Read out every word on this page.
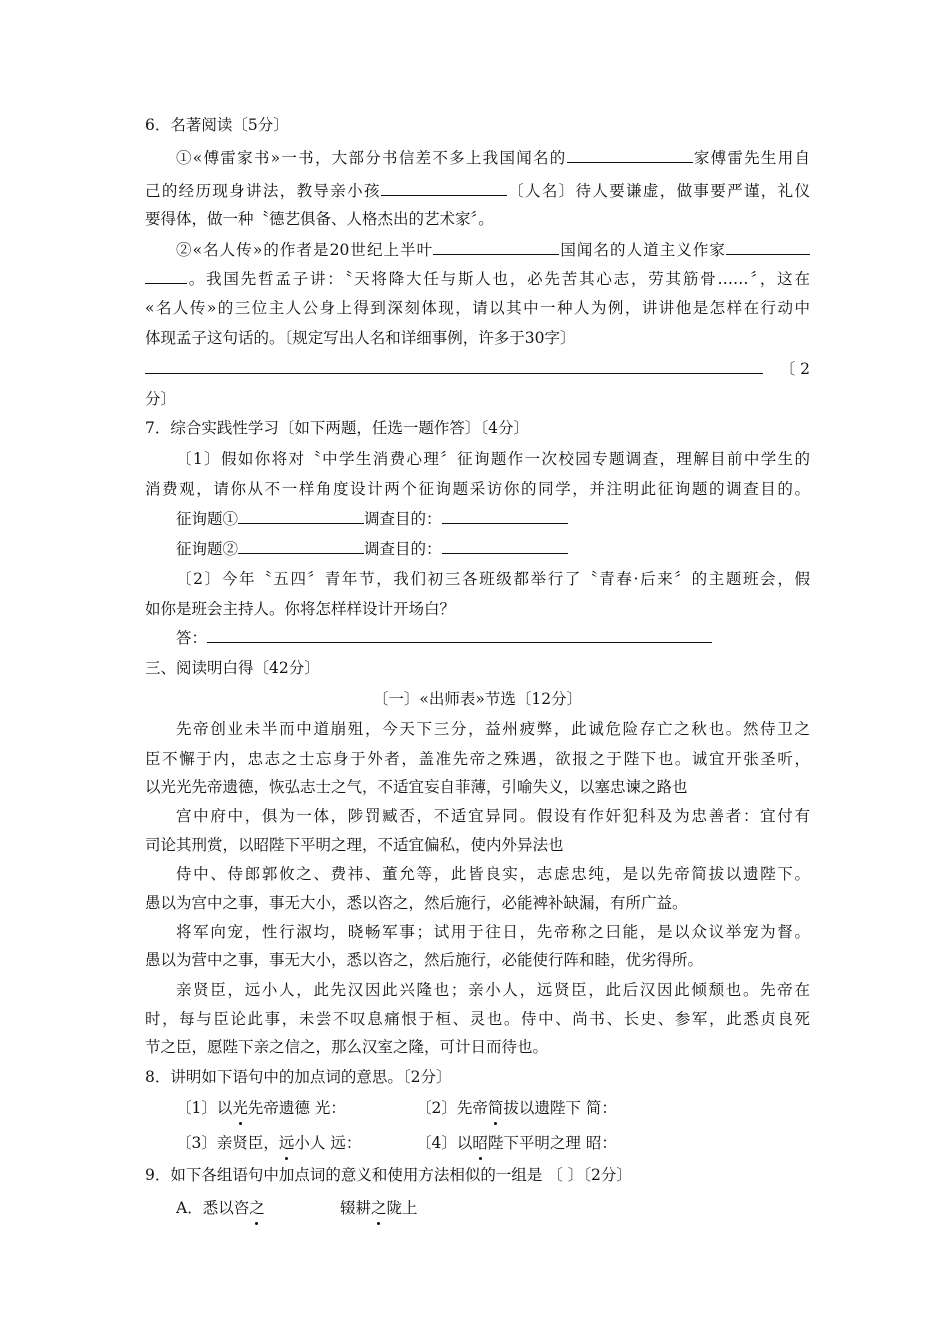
6．名著阅读〔5分〕
①«傅雷家书»一书，大部分书信差不多上我国闻名的	家傅雷先生用自
己的经历现身讲法，教导亲小孩	〔人名〕待人要谦虚，做事要严谨，礼仪
要得体，做一种〝德艺俱备、人格杰出的艺术家〞。
②«名人传»的作者是20世纪上半叶	国闻名的人道主义作家
。我国先哲孟子讲：〝天将降大任与斯人也，必先苦其心志，劳其筋骨……〞，这在
«名人传»的三位主人公身上得到深刻体现，请以其中一种人为例，讲讲他是怎样在行动中
体现孟子这句话的。〔规定写出人名和详细事例，许多于30字〕
〔 2
分〕
7．综合实践性学习〔如下两题，任选一题作答〕〔4分〕
〔1〕假如你将对〝中学生消费心理〞征询题作一次校园专题调查，理解目前中学生的
消费观，请你从不一样角度设计两个征询题采访你的同学，并注明此征询题的调查目的。
征询题①	调查目的：
征询题②	调查目的：
〔2〕今年〝五四〞青年节，我们初三各班级都举行了〝青春·后来〞的主题班会，假
如你是班会主持人。你将怎样样设计开场白？
答：
三、阅读明白得〔42分〕
〔一〕«出师表»节选〔12分〕
先帝创业未半而中道崩殂，今天下三分，益州疲弊，此诚危险存亡之秋也。然侍卫之
臣不懈于内，忠志之士忘身于外者，盖准先帝之殊遇，欲报之于陛下也。诚宜开张圣听，
以光光先帝遗德，恢弘志士之气，不适宜妄自菲薄，引喻失义，以塞忠谏之路也
宫中府中，俱为一体，陟罚臧否，不适宜异同。假设有作奸犯科及为忠善者：宜付有
司论其刑赏，以昭陛下平明之理，不适宜偏私，使内外异法也
侍中、侍郎郭攸之、费祎、董允等，此皆良实，志虑忠纯，是以先帝简拔以遗陛下。
愚以为宫中之事，事无大小，悉以咨之，然后施行，必能裨补缺漏，有所广益。
将军向宠，性行淑均，晓畅军事；试用于往日，先帝称之曰能，是以众议举宠为督。
愚以为营中之事，事无大小，悉以咨之，然后施行，必能使行阵和睦，优劣得所。
亲贤臣，远小人，此先汉因此兴隆也；亲小人，远贤臣，此后汉因此倾颓也。先帝在
时，每与臣论此事，未尝不叹息痛恨于桓、灵也。侍中、尚书、长史、参军，此悉贞良死
节之臣，愿陛下亲之信之，那么汉室之隆，可计日而待也。
8．讲明如下语句中的加点词的意思。〔2分〕
〔1〕以光先帝遗德 光：	〔2〕先帝简拔以遗陛下 简：
〔3〕亲贤臣，远小人 远：	〔4〕以昭陛下平明之理 昭：
9．如下各组语句中加点词的意义和使用方法相似的一组是 〔 〕〔2分〕
A．悉以咨之	辍耕之陇上
